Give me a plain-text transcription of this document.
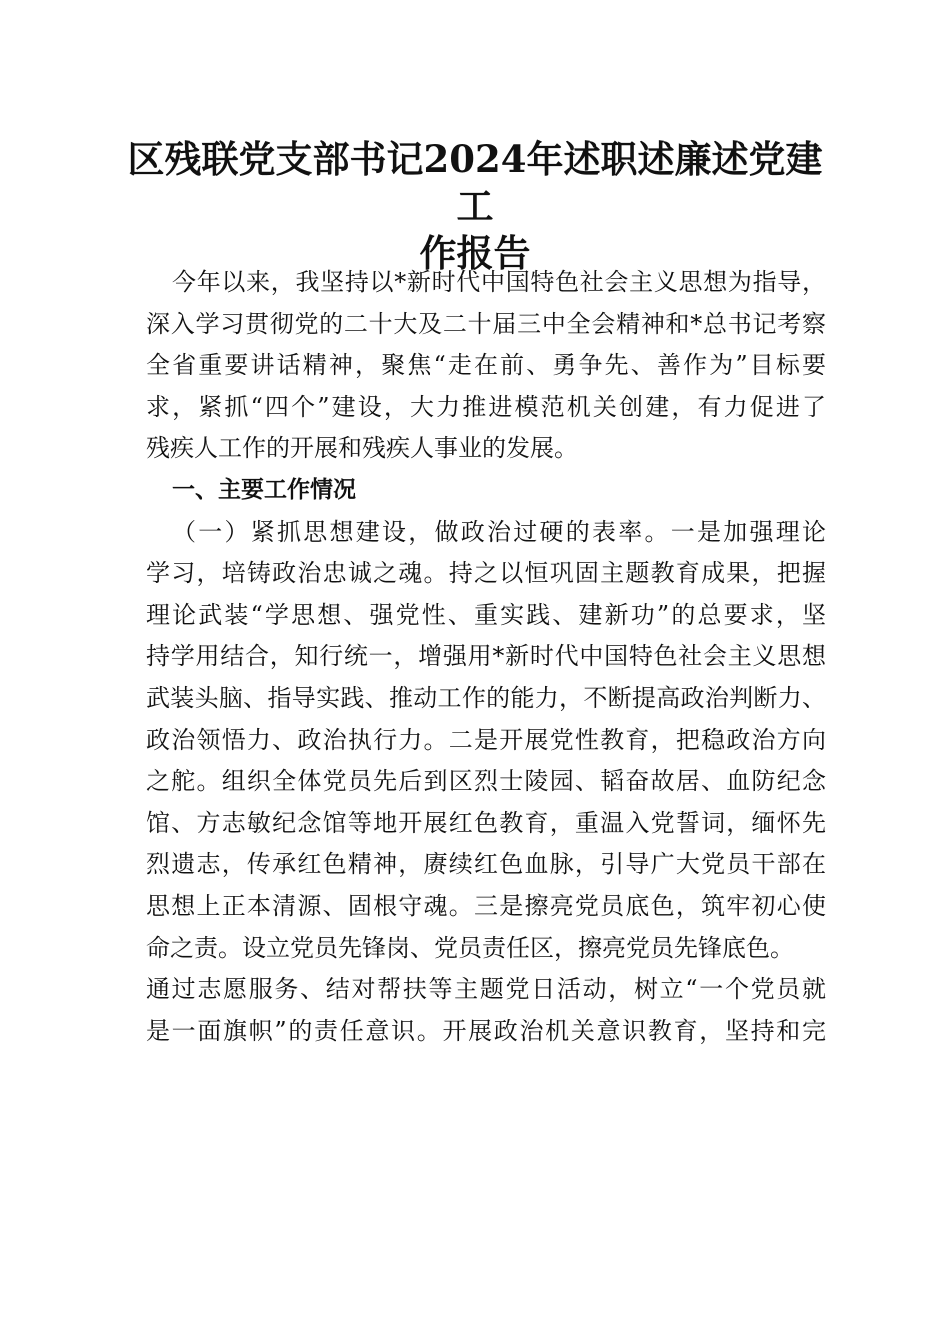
区残联党支部书记2024年述职述廉述党建工
作报告
今年以来，我坚持以*新时代中国特色社会主义思想为指导，
深入学习贯彻党的二十大及二十届三中全会精神和*总书记考察
全省重要讲话精神，聚焦“走在前、勇争先、善作为”目标要
求，紧抓“四个”建设，大力推进模范机关创建，有力促进了
残疾人工作的开展和残疾人事业的发展。
一、主要工作情况
（一）紧抓思想建设，做政治过硬的表率。一是加强理论
学习，培铸政治忠诚之魂。持之以恒巩固主题教育成果，把握
理论武装“学思想、强党性、重实践、建新功”的总要求，坚
持学用结合，知行统一，增强用*新时代中国特色社会主义思想
武装头脑、指导实践、推动工作的能力，不断提高政治判断力、
政治领悟力、政治执行力。二是开展党性教育，把稳政治方向
之舵。组织全体党员先后到区烈士陵园、韬奋故居、血防纪念
馆、方志敏纪念馆等地开展红色教育，重温入党誓词，缅怀先
烈遗志，传承红色精神，赓续红色血脉，引导广大党员干部在
思想上正本清源、固根守魂。三是擦亮党员底色，筑牢初心使
命之责。设立党员先锋岗、党员责任区，擦亮党员先锋底色。
通过志愿服务、结对帮扶等主题党日活动，树立“一个党员就
是一面旗帜”的责任意识。开展政治机关意识教育，坚持和完
